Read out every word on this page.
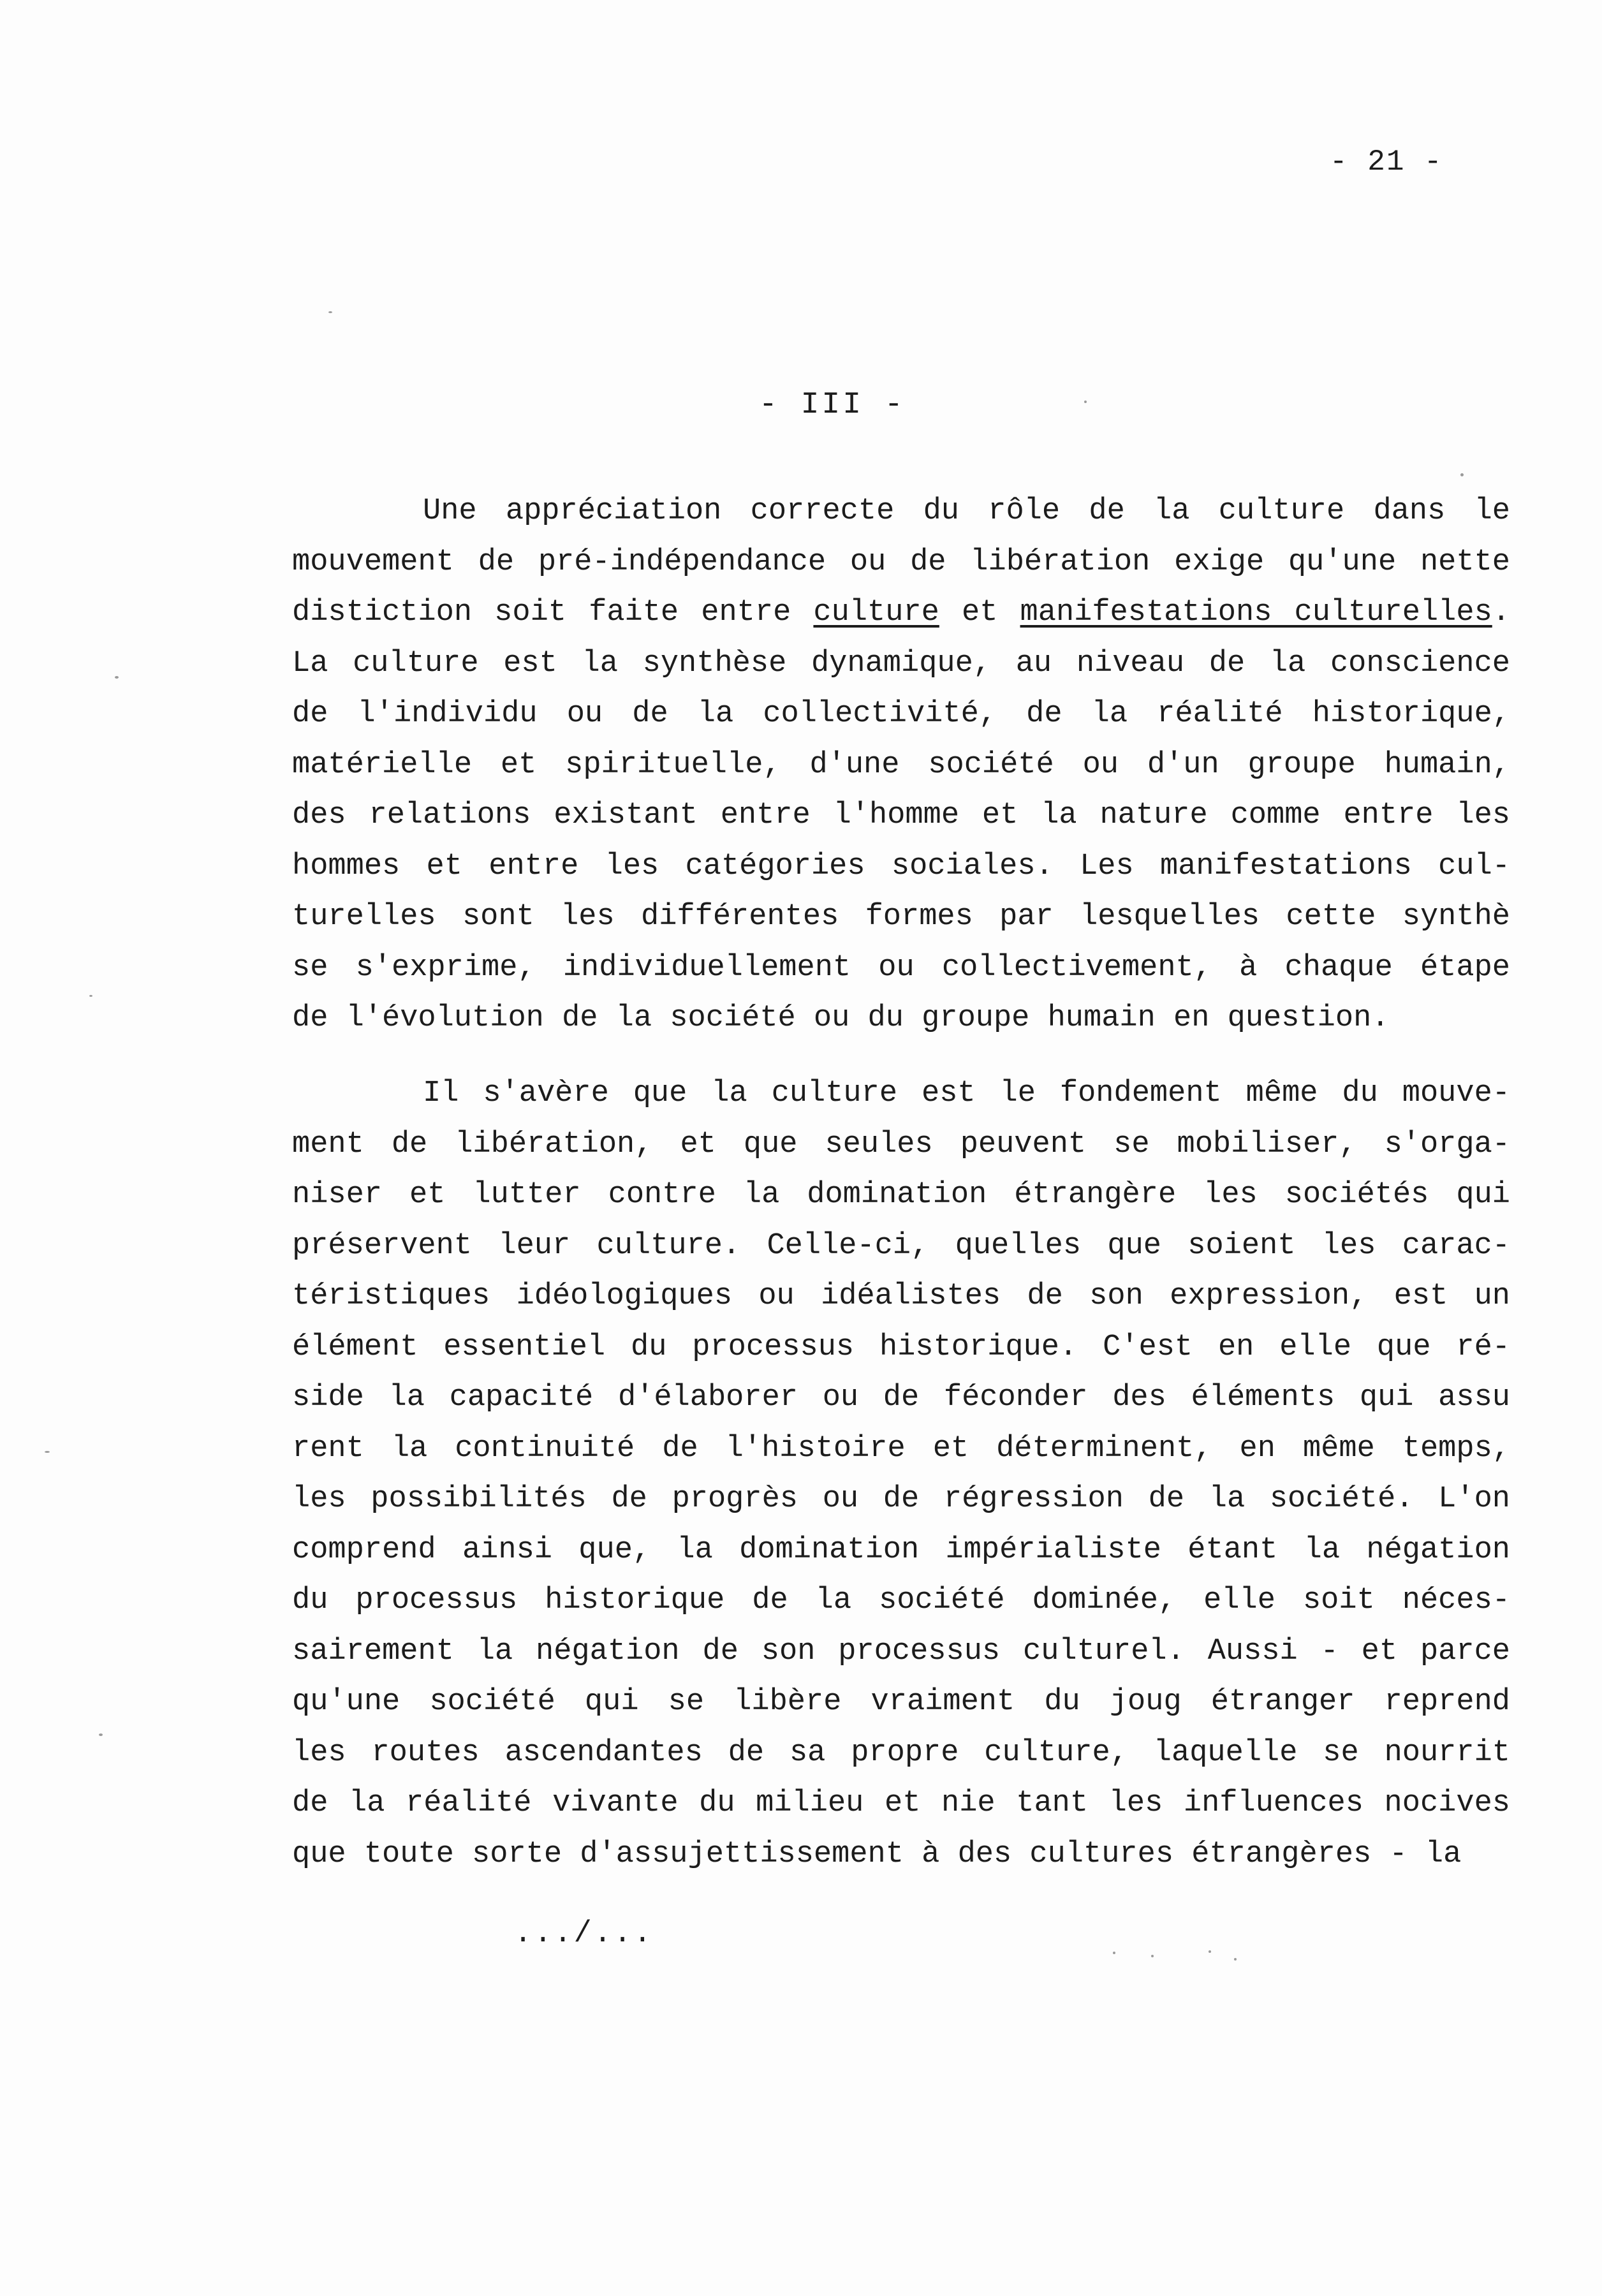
- 21 -
- III -
Une appréciation correcte du rôle de la culture dans le
mouvement de pré-indépendance ou de libération exige qu'une nette
distiction soit faite entre culture et manifestations culturelles.
La culture est la synthèse dynamique, au niveau de la conscience
de l'individu ou de la collectivité, de la réalité historique,
matérielle et spirituelle, d'une société ou d'un groupe humain,
des relations existant entre l'homme et la nature comme entre les
hommes et entre les catégories sociales. Les manifestations cul-
turelles sont les différentes formes par lesquelles cette synthè
se s'exprime, individuellement ou collectivement, à chaque étape
de l'évolution de la société ou du groupe humain en question.
Il s'avère que la culture est le fondement même du mouve-
ment de libération, et que seules peuvent se mobiliser, s'orga-
niser et lutter contre la domination étrangère les sociétés qui
préservent leur culture. Celle-ci, quelles que soient les carac-
téristiques idéologiques ou idéalistes de son expression, est un
élément essentiel du processus historique. C'est en elle que ré-
side la capacité d'élaborer ou de féconder des éléments qui assu
rent la continuité de l'histoire et déterminent, en même temps,
les possibilités de progrès ou de régression de la société. L'on
comprend ainsi que, la domination impérialiste étant la négation
du processus historique de la société dominée, elle soit néces-
sairement la négation de son processus culturel. Aussi - et parce
qu'une société qui se libère vraiment du joug étranger reprend
les routes ascendantes de sa propre culture, laquelle se nourrit
de la réalité vivante du milieu et nie tant les influences nocives
que toute sorte d'assujettissement à des cultures étrangères - la
.../...
